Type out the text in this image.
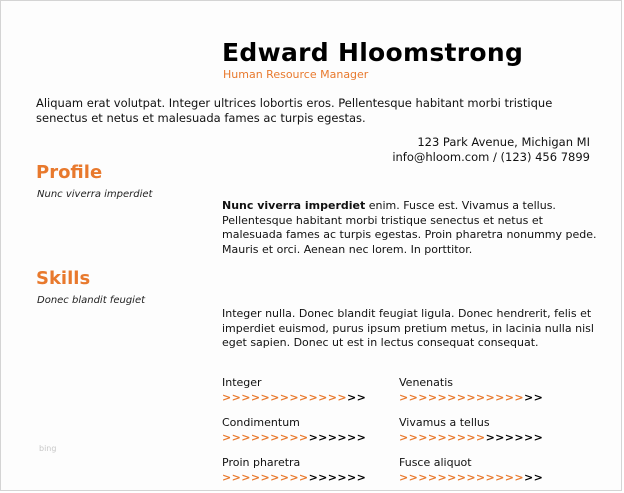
Edward Hloomstrong
Human Resource Manager
Aliquam erat volutpat. Integer ultrices lobortis eros. Pellentesque habitant morbi tristique senectus et netus et malesuada fames ac turpis egestas.
123 Park Avenue, Michigan MI
info@hloom.com / (123) 456 7899
Profile
Nunc viverra imperdiet
Nunc viverra imperdiet enim. Fusce est. Vivamus a tellus. Pellentesque habitant morbi tristique senectus et netus et malesuada fames ac turpis egestas. Proin pharetra nonummy pede. Mauris et orci. Aenean nec lorem. In porttitor.
Skills
Donec blandit feugiet
Integer nulla. Donec blandit feugiat ligula. Donec hendrerit, felis et imperdiet euismod, purus ipsum pretium metus, in lacinia nulla nisl eget sapien. Donec ut est in lectus consequat consequat.
Integer
>>>>>>>>>>>>>>>
Venenatis
>>>>>>>>>>>>>>>
Condimentum
>>>>>>>>>>>>>>>
Vivamus a tellus
>>>>>>>>>>>>>>>
Proin pharetra
>>>>>>>>>>>>>>>
Fusce aliquot
>>>>>>>>>>>>>>>
bing
